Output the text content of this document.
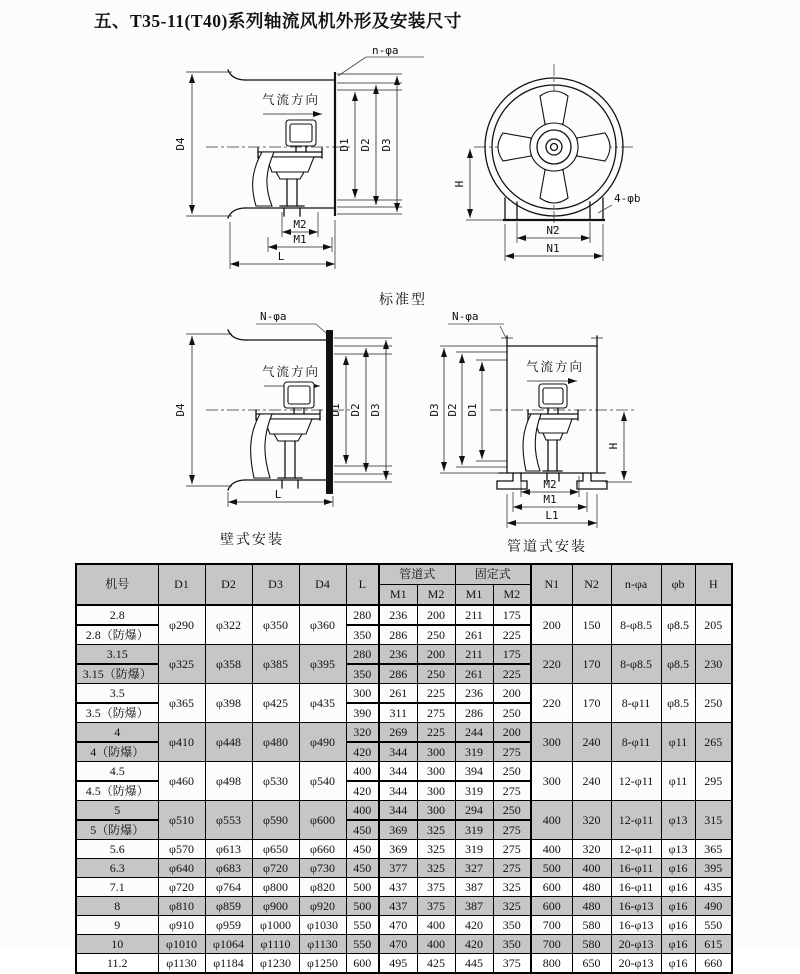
五、T35-11(T40)系列轴流风机外形及安装尺寸
气流方向
n-φa
D4	D1 D2 D3
M2
M1
L
4-φb
H
N2
N1
气流方向
N-φa
D4	D1 D2 D3
L
气流方向
N-φa
D3 D2 D1
H
M2
M1
L1
标准型
壁式安装	管道式安装
机号	D1	D2	D3	D4	L	管道式		固定式		N1	N2	n-φa	φb	H
						M1	M2	M1	M2					
2.8	φ290	φ322	φ350	φ360	280	236	200	211	175	200	150	8-φ8.5	φ8.5	205
2.8（防爆）					350	286	250	261	225					
3.15	φ325	φ358	φ385	φ395	280	236	200	211	175	220	170	8-φ8.5	φ8.5	230
3.15（防爆）					350	286	250	261	225					
3.5	φ365	φ398	φ425	φ435	300	261	225	236	200	220	170	8-φ11	φ8.5	250
3.5（防爆）					390	311	275	286	250					
4	φ410	φ448	φ480	φ490	320	269	225	244	200	300	240	8-φ11	φ11	265
4（防爆）					420	344	300	319	275					
4.5	φ460	φ498	φ530	φ540	400	344	300	394	250	300	240	12-φ11	φ11	295
4.5（防爆）					420	344	300	319	275					
5	φ510	φ553	φ590	φ600	400	344	300	294	250	400	320	12-φ11	φ13	315
5（防爆）					450	369	325	319	275					
5.6	φ570	φ613	φ650	φ660	450	369	325	319	275	400	320	12-φ11	φ13	365
6.3	φ640	φ683	φ720	φ730	450	377	325	327	275	500	400	16-φ11	φ16	395
7.1	φ720	φ764	φ800	φ820	500	437	375	387	325	600	480	16-φ11	φ16	435
8	φ810	φ859	φ900	φ920	500	437	375	387	325	600	480	16-φ13	φ16	490
9	φ910	φ959	φ1000	φ1030	550	470	400	420	350	700	580	16-φ13	φ16	550
10	φ1010	φ1064	φ1110	φ1130	550	470	400	420	350	700	580	20-φ13	φ16	615
11.2	φ1130	φ1184	φ1230	φ1250	600	495	425	445	375	800	650	20-φ13	φ16	660
